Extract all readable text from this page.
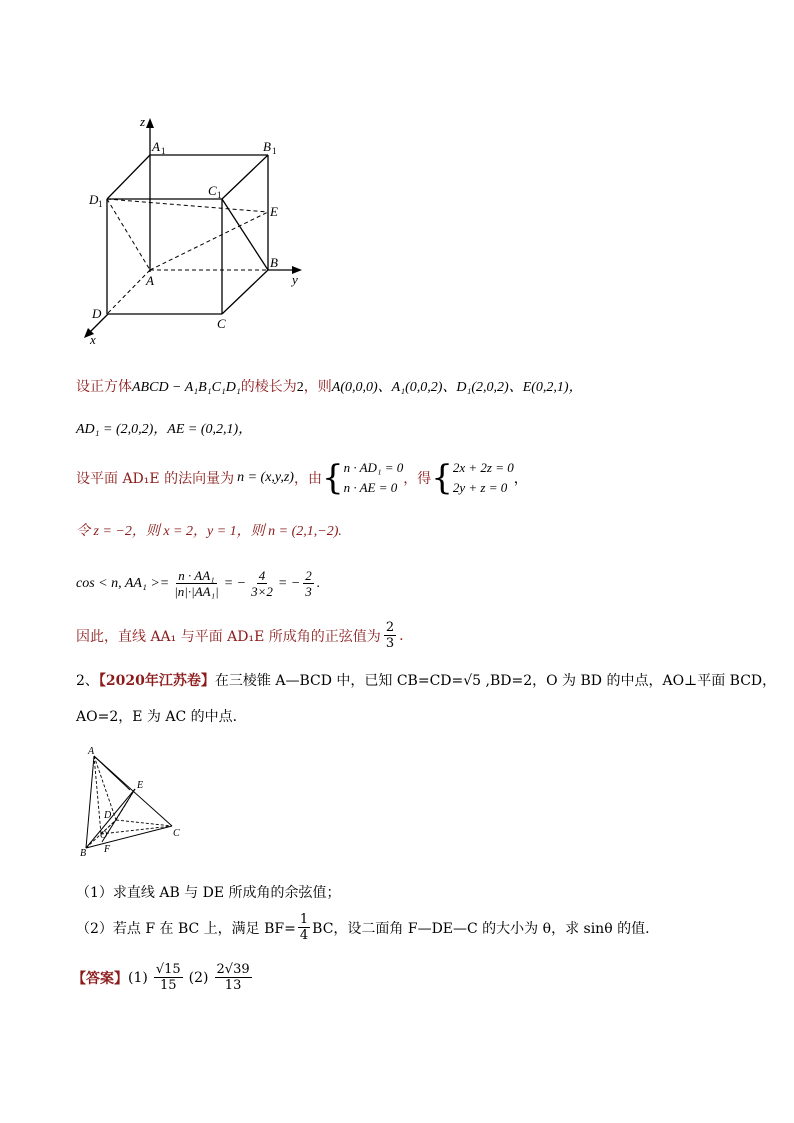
z
A 1	B 1
C 1
D 1	E
A
B
y
D
C
x
设正方体ABCD − A₁B₁C₁D₁的棱长为2，则A(0,0,0)、A₁(0,0,2)、D₁(2,0,2)、E(0,2,1)，
AD₁ = (2,0,2)，AE = (0,2,1)，
设平面 AD₁E 的法向量为 n = (x,y,z) ，由 { n · AD₁ = 0
n · AE = 0
，得 { 2x + 2z = 0
2y + z = 0
，
令 z = −2，则 x = 2，y = 1，则 n = (2,1,−2).
cos < n, $AA_1 >= \frac{\text{n · AA₁}}{\text{|n|·|AA₁|}}$ = − $\frac{4}{3\times 2}$ = − $\frac{2}{3}$ .
因此，直线 AA₁ 与平面 AD₁E 所成角的正弦值为 $\frac{2}{3}$ .
2、【2020年江苏卷】在三棱锥 A—BCD 中，已知 CB=CD=√5 ,BD=2，O 为 BD 的中点，AO⊥平面 BCD，
AO=2，E 为 AC 的中点．
A
E
D
O	C
B F
（1）求直线 AB 与 DE 所成角的余弦值；
（2）若点 F 在 BC 上，满足 $BF= \frac{1}{4}$ BC，设二面角 F—DE—C 的大小为 θ，求 sinθ 的值.
【答案】 $(1) \frac{√15}{15} (2) \frac{2√39}{13}$
